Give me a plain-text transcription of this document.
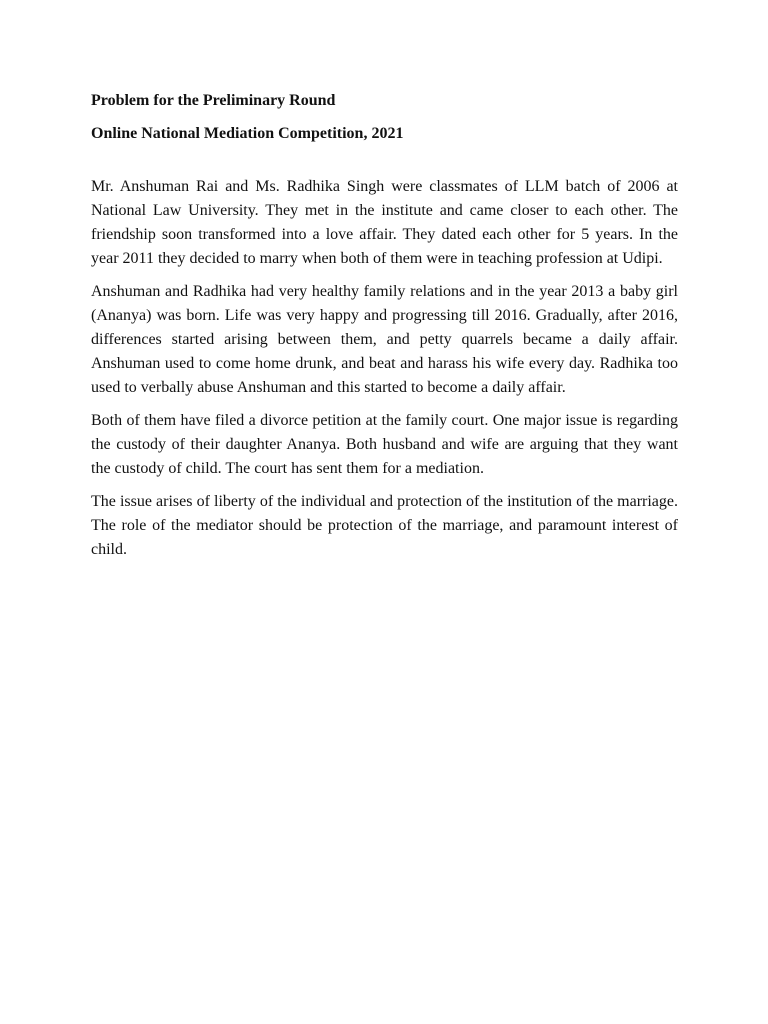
Problem for the Preliminary Round

Online National Mediation Competition, 2021

Mr. Anshuman Rai and Ms. Radhika Singh were classmates of LLM batch of 2006 at National Law University. They met in the institute and came closer to each other. The friendship soon transformed into a love affair. They dated each other for 5 years. In the year 2011 they decided to marry when both of them were in teaching profession at Udipi.

Anshuman and Radhika had very healthy family relations and in the year 2013 a baby girl (Ananya) was born. Life was very happy and progressing till 2016. Gradually, after 2016, differences started arising between them, and petty quarrels became a daily affair. Anshuman used to come home drunk, and beat and harass his wife every day. Radhika too used to verbally abuse Anshuman and this started to become a daily affair.

Both of them have filed a divorce petition at the family court. One major issue is regarding the custody of their daughter Ananya. Both husband and wife are arguing that they want the custody of child. The court has sent them for a mediation.

The issue arises of liberty of the individual and protection of the institution of the marriage. The role of the mediator should be protection of the marriage, and paramount interest of child.
